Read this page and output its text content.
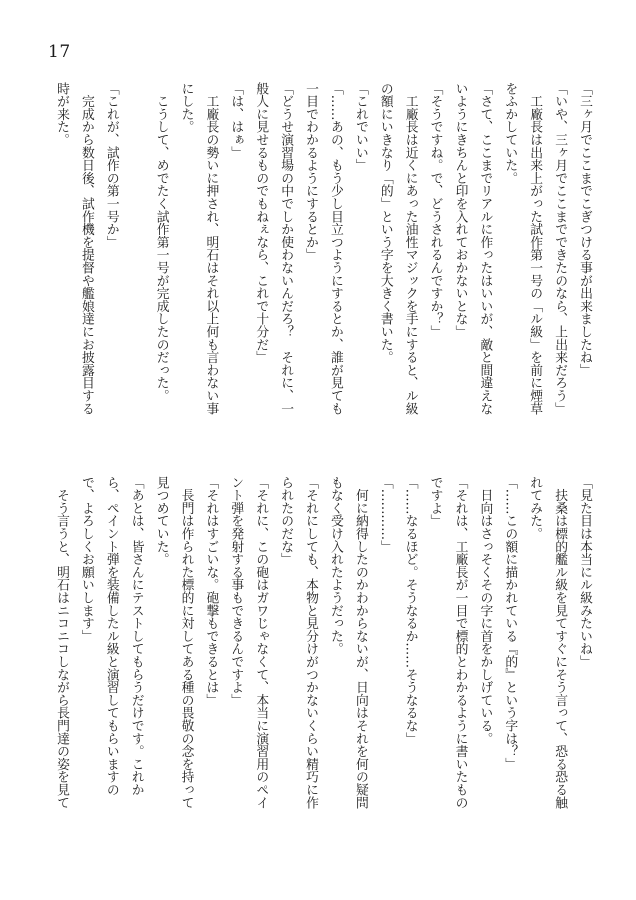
17
「三ヶ月でここまでこぎつける事が出来ましたね」
「いや、三ヶ月でここまでできたのなら、上出来だろう」
　工廠長は出来上がった試作第一号の「ル級」を前に煙草
をふかしていた。
「さて、ここまでリアルに作ったはいいが、敵と間違えな
いようにきちんと印を入れておかないとな」
「そうですね。で、どうされるんですか？」
　工廠長は近くにあった油性マジックを手にすると、ル級
の額にいきなり「的」という字を大きく書いた。
「これでいい」
「……あの、もう少し目立つようにするとか、誰が見ても
一目でわかるようにするとか」
「どうせ演習場の中でしか使わないんだろ？　それに、一
般人に見せるものでもねぇなら、これで十分だ」
「は、はぁ」
　工廠長の勢いに押され、明石はそれ以上何も言わない事
にした。
　こうして、めでたく試作第一号が完成したのだった。

「これが、試作の第一号か」
　完成から数日後、試作機を提督や艦娘達にお披露目する
時が来た。
「見た目は本当にル級みたいね」
　扶桑は標的艦ル級を見てすぐにそう言って、恐る恐る触
れてみた。
「……この額に描かれている『的』という字は？」
　日向はさっそくその字に首をかしげている。
「それは、工廠長が一目で標的とわかるように書いたもの
ですよ」
「……なるほど。そうなるか……そうなるな」
「…………」
　何に納得したのかわからないが、日向はそれを何の疑問
もなく受け入れたようだった。
「それにしても、本物と見分けがつかないくらい精巧に作
られたのだな」
「それに、この砲はガワじゃなくて、本当に演習用のペイ
ント弾を発射する事もできるんですよ」
「それはすごいな。砲撃もできるとは」
　長門は作られた標的に対してある種の畏敬の念を持って
見つめていた。
「あとは、皆さんにテストしてもらうだけです。これか
ら、ペイント弾を装備したル級と演習してもらいますの
で、よろしくお願いします」
　そう言うと、明石はニコニコしながら長門達の姿を見て
